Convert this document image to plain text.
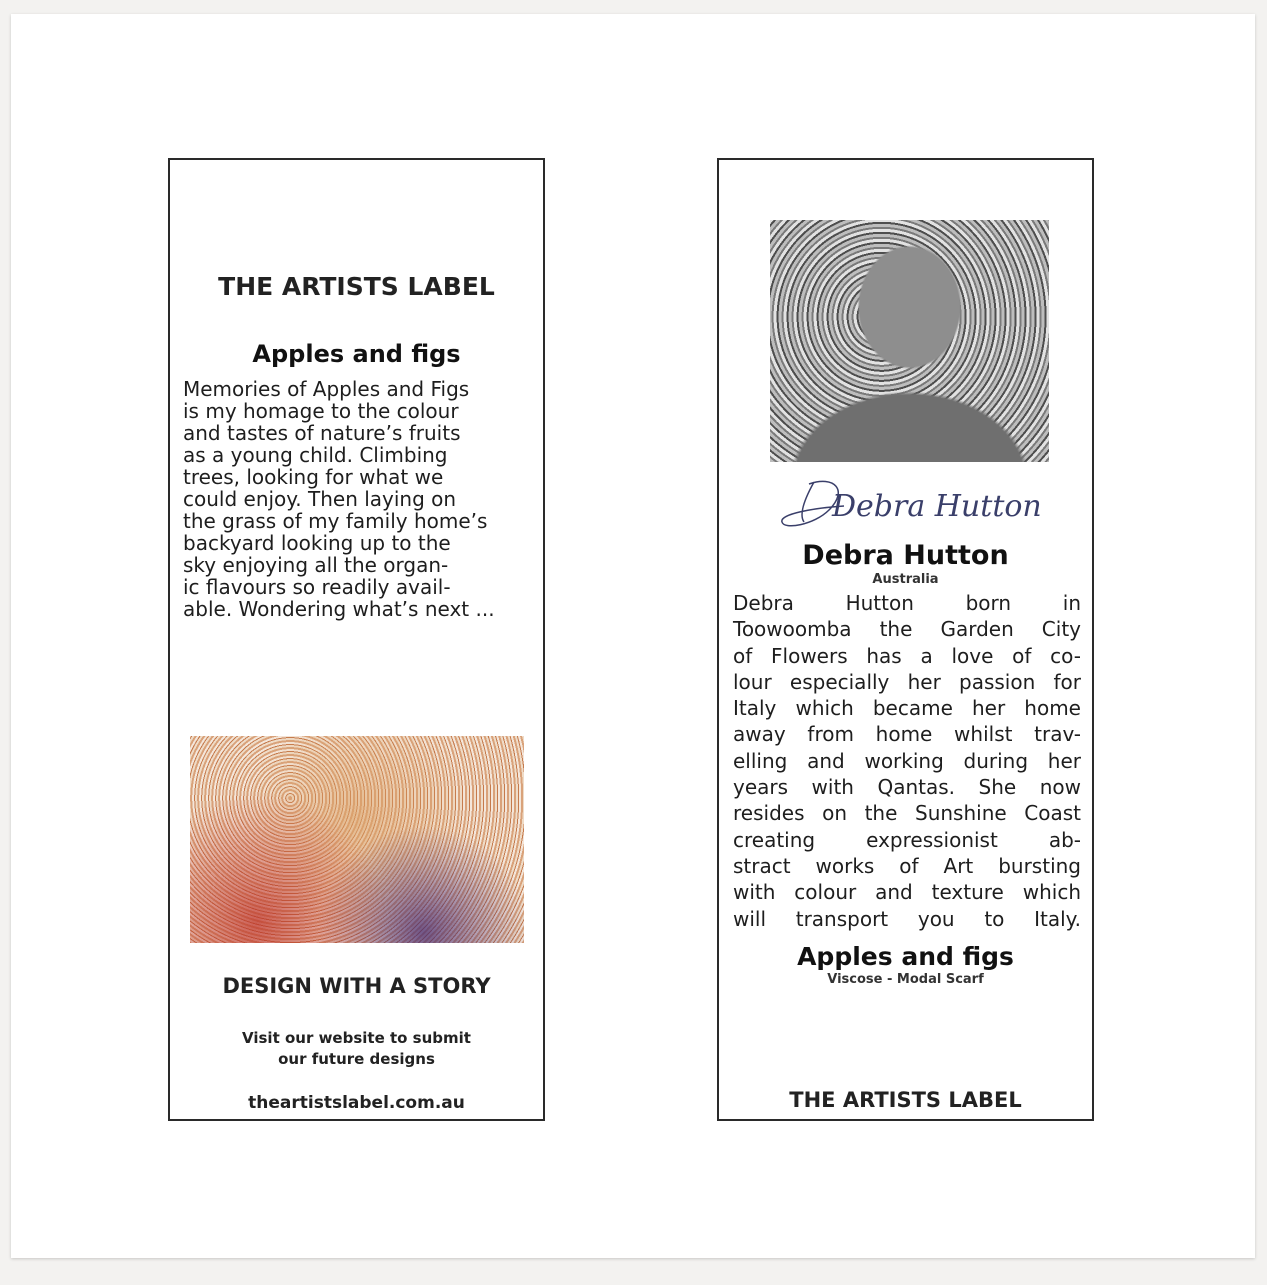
THE ARTISTS LABEL
Apples and figs
Memories of Apples and Figs
is my homage to the colour
and tastes of nature’s fruits
as a young child. Climbing
trees, looking for what we
could enjoy. Then laying on
the grass of my family home’s
backyard looking up to the
sky enjoying all the organ-
ic flavours so readily avail-
able. Wondering what’s next ...
DESIGN WITH A STORY
Visit our website to submit
our future designs
theartistslabel.com.au
Debra Hutton
Debra Hutton
Australia
Debra Hutton born in
Toowoomba the Garden City
of Flowers has a love of co-
lour especially her passion for
Italy which became her home
away from home whilst trav-
elling and working during her
years with Qantas. She now
resides on the Sunshine Coast
creating expressionist ab-
stract works of Art bursting
with colour and texture which
will transport you to Italy.
Apples and figs
Viscose - Modal Scarf
THE ARTISTS LABEL
